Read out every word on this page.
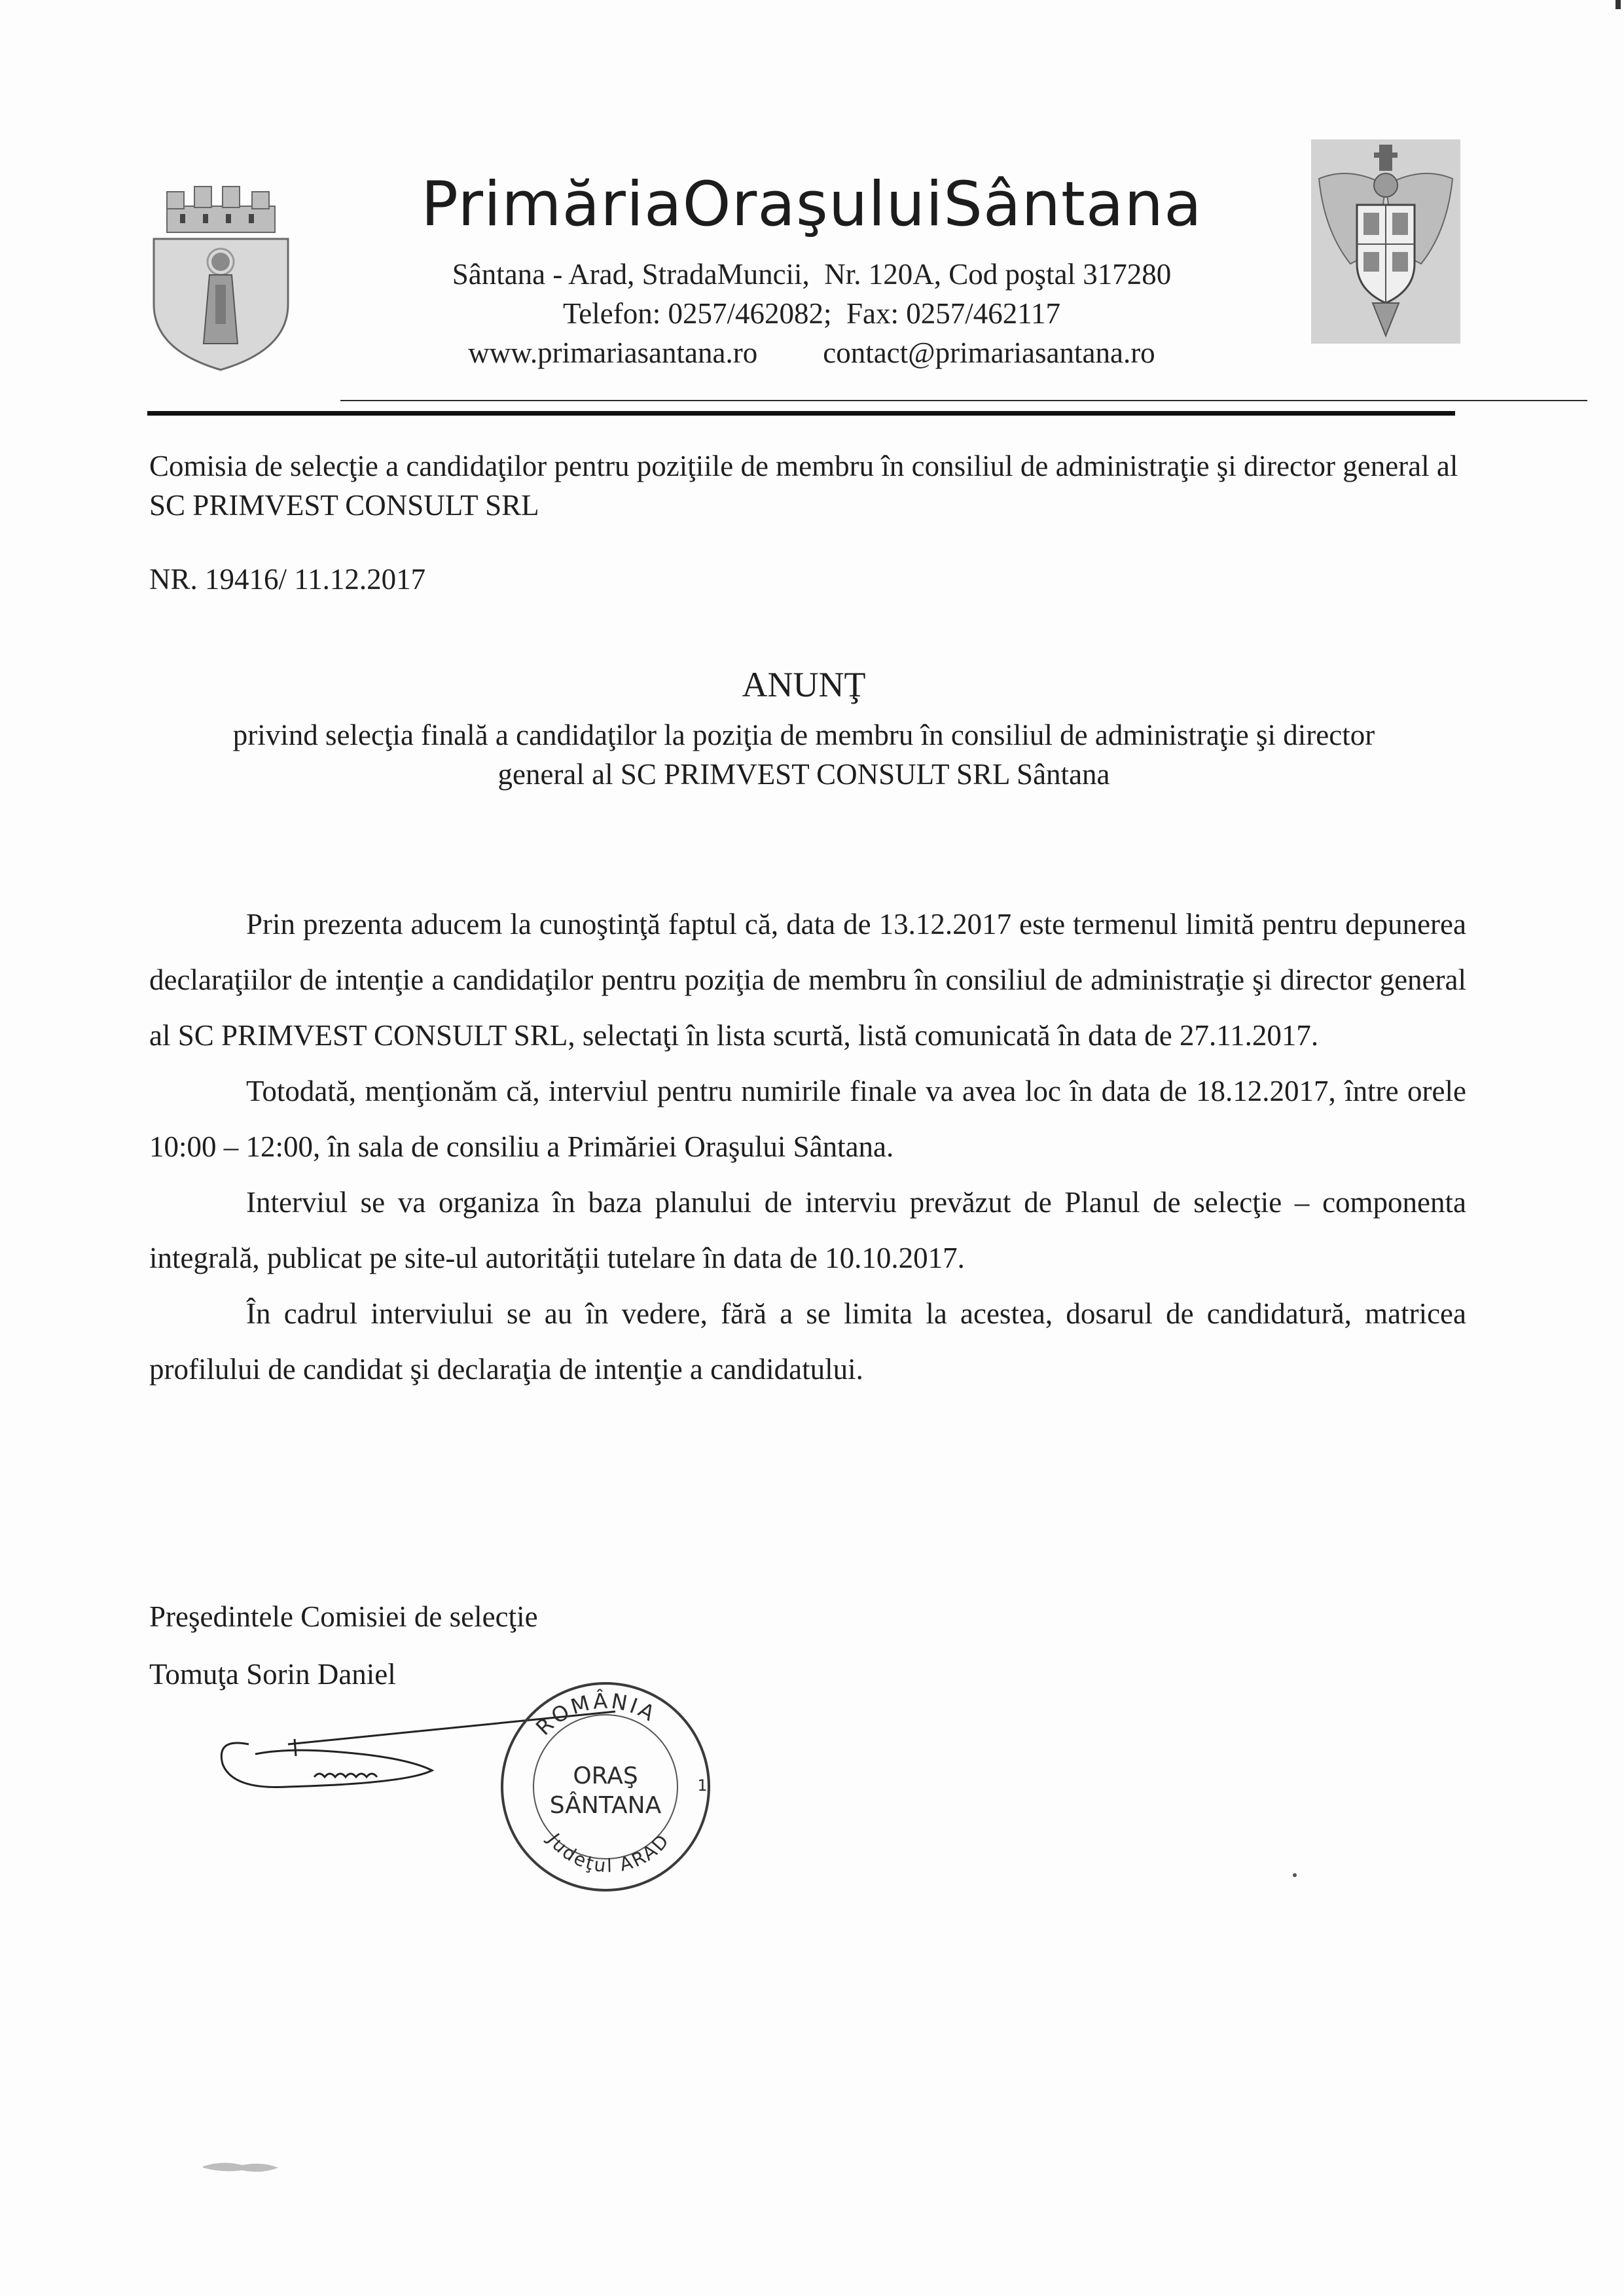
PrimăriaOraşuluiSântana
Sântana - Arad, StradaMuncii,  Nr. 120A, Cod poştal 317280
Telefon: 0257/462082;  Fax: 0257/462117
www.primariasantana.ro contact@primariasantana.ro
Comisia de selecţie a candidaţilor pentru poziţiile de membru în consiliul de administraţie şi director general al SC PRIMVEST CONSULT SRL
NR. 19416/ 11.12.2017
ANUNŢ
privind selecţia finală a candidaţilor la poziţia de membru în consiliul de administraţie şi director
general al SC PRIMVEST CONSULT SRL Sântana

Prin prezenta aducem la cunoştinţă faptul că, data de 13.12.2017 este termenul limită pentru depunerea declaraţiilor de intenţie a candidaţilor pentru poziţia de membru în consiliul de administraţie şi director general al SC PRIMVEST CONSULT SRL, selectaţi în lista scurtă, listă comunicată în data de 27.11.2017.

Totodată, menţionăm că, interviul pentru numirile finale va avea loc în data de 18.12.2017, între orele 10:00 – 12:00, în sala de consiliu a Primăriei Oraşului Sântana.

Interviul se va organiza în baza planului de interviu prevăzut de Planul de selecţie – componenta integrală, publicat pe site-ul autorităţii tutelare în data de 10.10.2017.

În cadrul interviului se au în vedere, fără a se limita la acestea, dosarul de candidatură, matricea profilului de candidat şi declaraţia de intenţie a candidatului.

Preşedintele Comisiei de selecţie
Tomuţa Sorin Daniel
ROMÂNIA
ORAŞ
SÂNTANA
Judeţul ARAD
1
